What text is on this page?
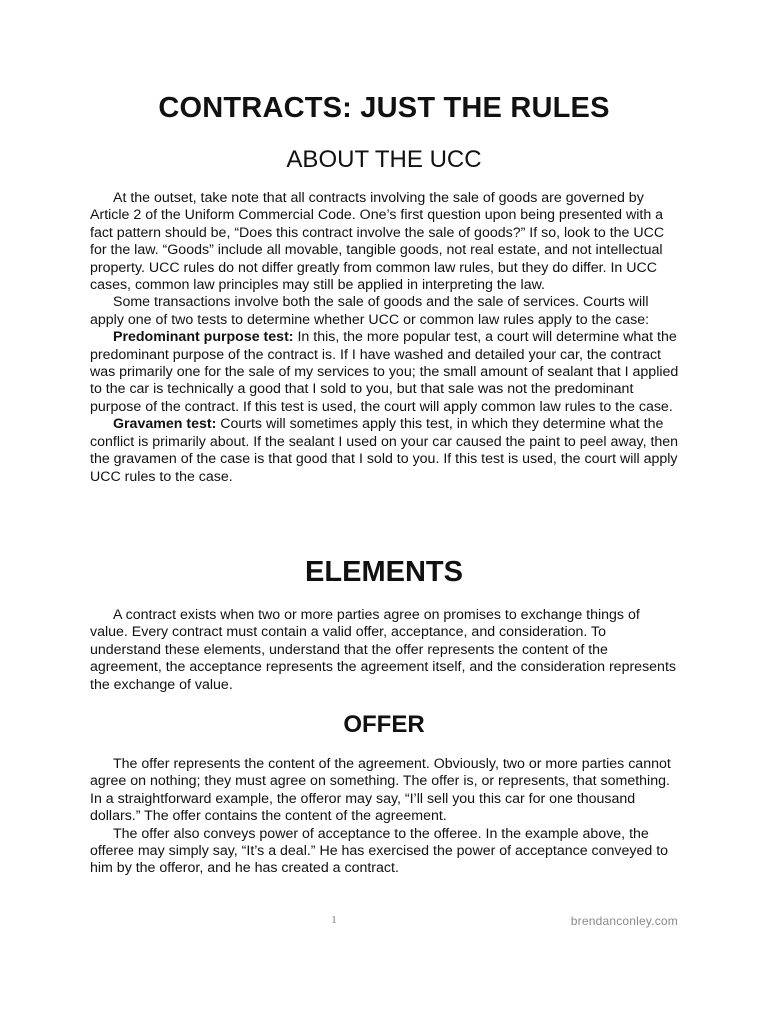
CONTRACTS: JUST THE RULES
ABOUT THE UCC

At the outset, take note that all contracts involving the sale of goods are governed by Article 2 of the Uniform Commercial Code. One’s first question upon being presented with a fact pattern should be, “Does this contract involve the sale of goods?” If so, look to the UCC for the law. “Goods” include all movable, tangible goods, not real estate, and not intellectual property. UCC rules do not differ greatly from common law rules, but they do differ. In UCC cases, common law principles may still be applied in interpreting the law.

Some transactions involve both the sale of goods and the sale of services. Courts will apply one of two tests to determine whether UCC or common law rules apply to the case:

Predominant purpose test: In this, the more popular test, a court will determine what the predominant purpose of the contract is. If I have washed and detailed your car, the contract was primarily one for the sale of my services to you; the small amount of sealant that I applied to the car is technically a good that I sold to you, but that sale was not the predominant purpose of the contract. If this test is used, the court will apply common law rules to the case.

Gravamen test: Courts will sometimes apply this test, in which they determine what the conflict is primarily about. If the sealant I used on your car caused the paint to peel away, then the gravamen of the case is that good that I sold to you. If this test is used, the court will apply UCC rules to the case.

ELEMENTS

A contract exists when two or more parties agree on promises to exchange things of value. Every contract must contain a valid offer, acceptance, and consideration. To understand these elements, understand that the offer represents the content of the agreement, the acceptance represents the agreement itself, and the consideration represents the exchange of value.

OFFER

The offer represents the content of the agreement. Obviously, two or more parties cannot agree on nothing; they must agree on something. The offer is, or represents, that something. In a straightforward example, the offeror may say, “I’ll sell you this car for one thousand dollars.” The offer contains the content of the agreement.

The offer also conveys power of acceptance to the offeree. In the example above, the offeree may simply say, “It’s a deal.” He has exercised the power of acceptance conveyed to him by the offeror, and he has created a contract.

1	brendanconley.com
